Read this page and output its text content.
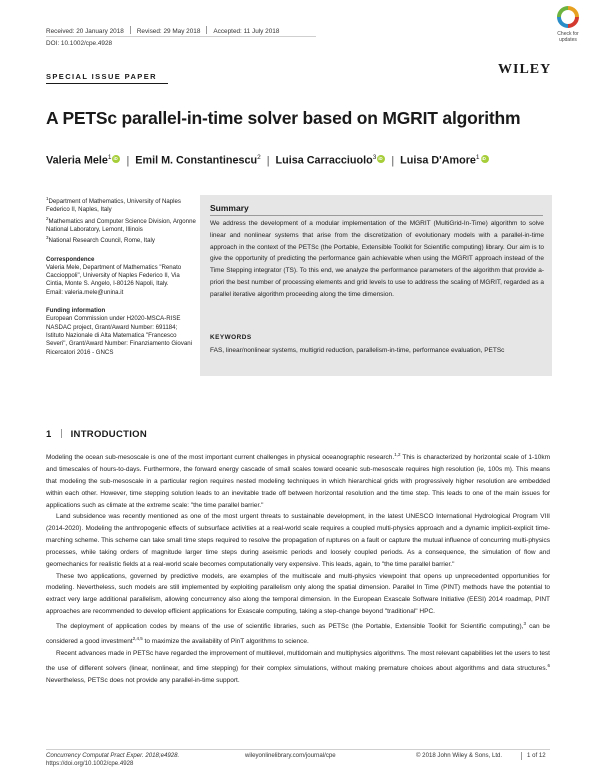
Received: 20 January 2018 Revised: 29 May 2018 Accepted: 11 July 2018
DOI: 10.1002/cpe.4928
Check for updates
SPECIAL ISSUE PAPER	WILEY
A PETSc parallel-in-time solver based on MGRIT algorithm
Valeria Mele$^1$ iD | Emil M. Constantinescu$^2$ | Luisa Carracciuolo$^3$ iD | Luisa D'Amore$^1$iD

$^1$Department of Mathematics, University of Naples Federico II, Naples, Italy

$^2$Mathematics and Computer Science Division, Argonne National Laboratory, Lemont, Illinois

$^3$National Research Council, Rome, Italy

Correspondence

Valeria Mele, Department of Mathematics "Renato Caccioppoli", University of Naples Federico II, Via Cintia, Monte S. Angelo, I-80126 Napoli, Italy.

Email: valeria.mele@unina.it

Funding information

European Commission under H2020-MSCA-RISE NASDAC project, Grant/Award Number: 691184; Istituto Nazionale di Alta Matematica "Francesco Severi", Grant/Award Number: Finanziamento Giovani Ricercatori 2016 - GNCS

Summary
We address the development of a modular implementation of the MGRIT (MultiGrid-In-Time) algorithm to solve linear and nonlinear systems that arise from the discretization of evolutionary models with a parallel-in-time approach in the context of the PETSc (the Portable, Extensible Toolkit for Scientific computing) library. Our aim is to give the opportunity of predicting the performance gain achievable when using the MGRIT approach instead of the Time Stepping integrator (TS). To this end, we analyze the performance parameters of the algorithm that provide a-priori the best number of processing elements and grid levels to use to address the scaling of MGRIT, regarded as a parallel iterative algorithm proceeding along the time dimension.
KEYWORDS
FAS, linear/nonlinear systems, multigrid reduction, parallelism-in-time, performance evaluation, PETSc
1 INTRODUCTION

Modeling the ocean sub-mesoscale is one of the most important current challenges in physical oceanographic research.$^{1,2}$ This is characterized by horizontal scale of 1-10km and timescales of hours-to-days. Furthermore, the forward energy cascade of small scales toward oceanic sub-mesoscale requires high resolution (ie, 100s m). This means that modeling the sub-mesoscale in a particular region requires nested modeling techniques in which hierarchical grids with progressively higher resolution are embedded within each other. However, time stepping solution leads to an inevitable trade off between horizontal resolution and the time step. This leads to one of the main issues for applications such as climate at the extreme scale: "the time parallel barrier."

Land subsidence was recently mentioned as one of the most urgent threats to sustainable development, in the latest UNESCO International Hydrological Program VIII (2014-2020). Modeling the anthropogenic effects of subsurface activities at a real-world scale requires a coupled multi-physics approach and a dynamic implicit-explicit time-marching scheme. This scheme can take small time steps required to resolve the propagation of ruptures on a fault or capture the mutual influence of concurring multi-physics processes, while taking orders of magnitude larger time steps during aseismic periods and loosely coupled periods. As a consequence, the simulation of flow and geomechanics for realistic fields at a real-world scale becomes computationally very expensive. This leads, again, to "the time parallel barrier."

These two applications, governed by predictive models, are examples of the multiscale and multi-physics viewpoint that opens up unprecedented opportunities for modeling. Nevertheless, such models are still implemented by exploiting parallelism only along the spatial dimension. Parallel In Time (PINT) methods have the potential to extract very large additional parallelism, allowing concurrency also along the temporal dimension. In the European Exascale Software Initiative (EESI) 2014 roadmap, PINT approaches are recommended to develop efficient applications for Exascale computing, taking a step-change beyond "traditional" HPC.

The deployment of application codes by means of the use of scientific libraries, such as PETSc (the Portable, Extensible Toolkit for Scientific computing),$^3$ can be considered a good investment$^{2,4,5}$ to maximize the availability of PinT algorithms to science.

Recent advances made in PETSc have regarded the improvement of multilevel, multidomain and multiphysics algorithms. The most relevant capabilities let the users to test the use of different solvers (linear, nonlinear, and time stepping) for their complex simulations, without making premature choices about algorithms and data structures.$^6$ Nevertheless, PETSc does not provide any parallel-in-time support.

Concurrency Computat Pract Exper. 2018;e4928.
https://doi.org/10.1002/cpe.4928
wileyonlinelibrary.com/journal/cpe	© 2018 John Wiley & Sons, Ltd.	1 of 12
